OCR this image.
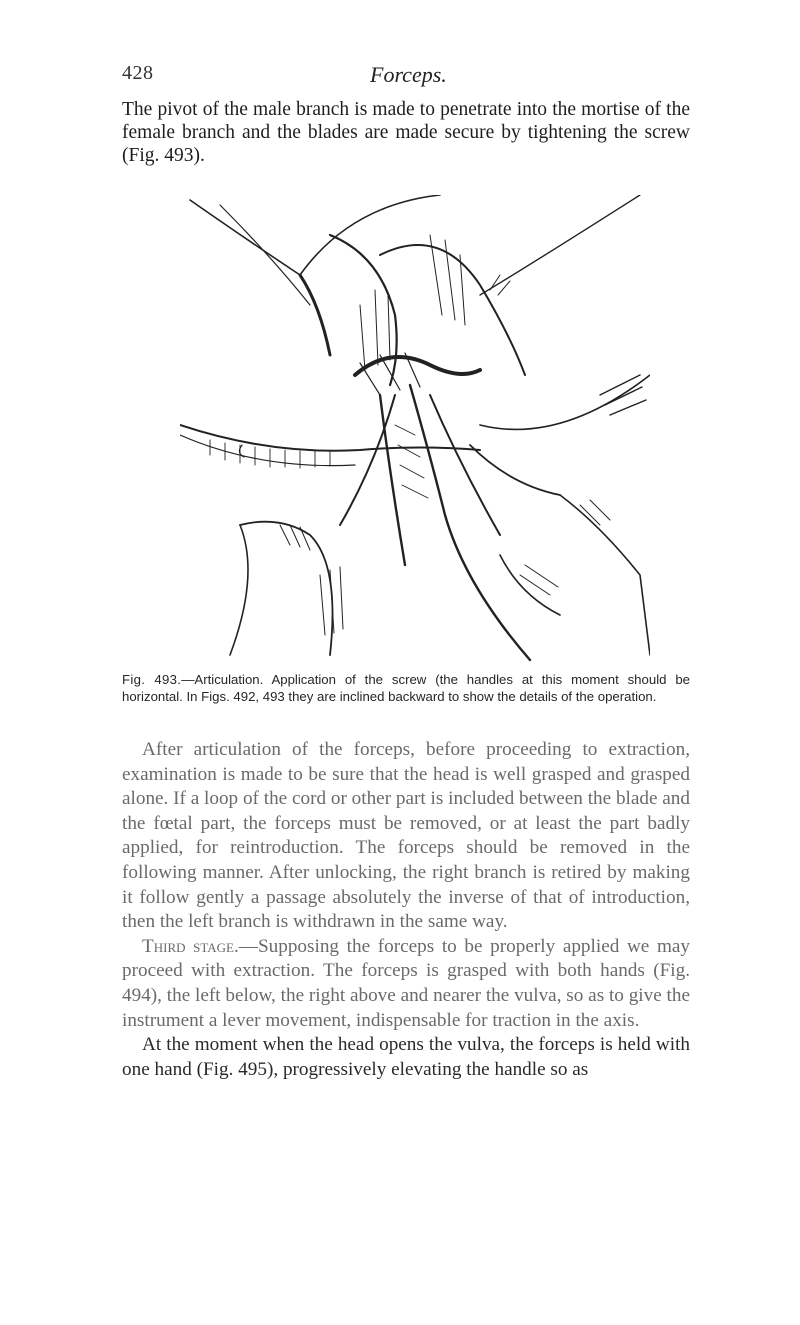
428	Forceps.

The pivot of the male branch is made to penetrate into the mortise of the female branch and the blades are made secure by tightening the screw (Fig. 493).

Fig. 493.—Articulation. Application of the screw (the handles at this moment should be horizontal. In Figs. 492, 493 they are inclined backward to show the details of the operation.

After articulation of the forceps, before proceeding to extraction, examination is made to be sure that the head is well grasped and grasped alone. If a loop of the cord or other part is included between the blade and the fœtal part, the forceps must be removed, or at least the part badly applied, for reintroduction. The forceps should be removed in the following manner. After unlocking, the right branch is retired by making it follow gently a passage absolutely the inverse of that of introduction, then the left branch is withdrawn in the same way.

Third stage.—Supposing the forceps to be properly applied we may proceed with extraction. The forceps is grasped with both hands (Fig. 494), the left below, the right above and nearer the vulva, so as to give the instrument a lever movement, indispensable for traction in the axis.

At the moment when the head opens the vulva, the forceps is held with one hand (Fig. 495), progressively elevating the handle so as
